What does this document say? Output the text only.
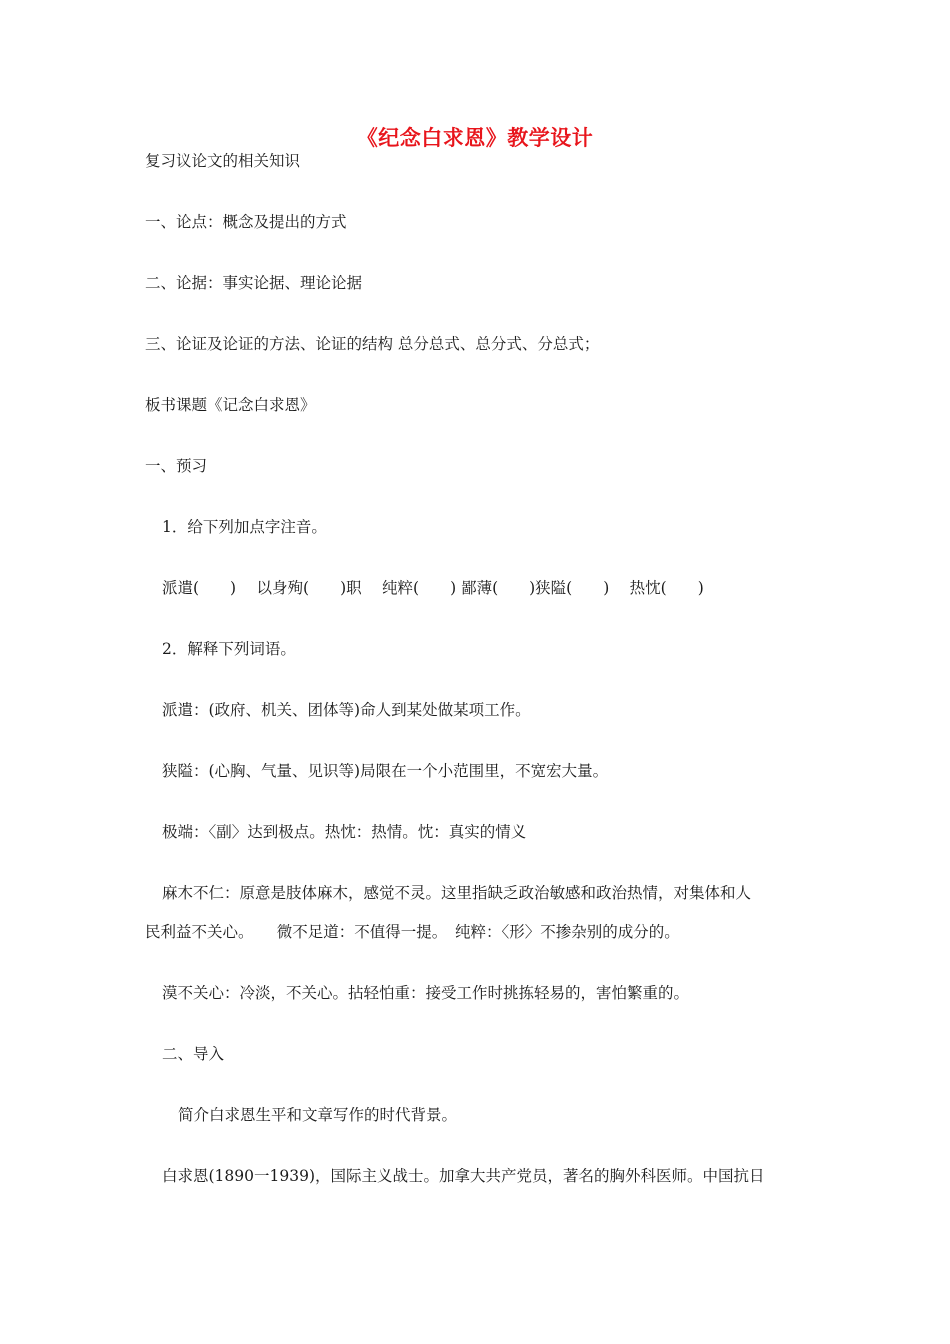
《纪念白求恩》教学设计
复习议论文的相关知识
一、论点：概念及提出的方式
二、论据：事实论据、理论论据
三、论证及论证的方法、论证的结构 总分总式、总分式、分总式；
板书课题《记念白求恩》
一、预习
1．给下列加点字注音。
派遣(　　)　 以身殉(　　)职　 纯粹(　　) 鄙薄(　　)狭隘(　　)　 热忱(　　)
2．解释下列词语。
派遣：(政府、机关、团体等)命人到某处做某项工作。
狭隘：(心胸、气量、见识等)局限在一个小范围里，不宽宏大量。
极端：〈副〉达到极点。热忱：热情。忱：真实的情义
麻木不仁：原意是肢体麻木，感觉不灵。这里指缺乏政治敏感和政治热情，对集体和人
民利益不关心。　　微不足道：不值得一提。　纯粹：〈形〉不掺杂别的成分的。
漠不关心：冷淡，不关心。拈轻怕重：接受工作时挑拣轻易的，害怕繁重的。
二、导入
简介白求恩生平和文章写作的时代背景。
白求恩(1890一1939)，国际主义战士。加拿大共产党员，著名的胸外科医师。中国抗日
